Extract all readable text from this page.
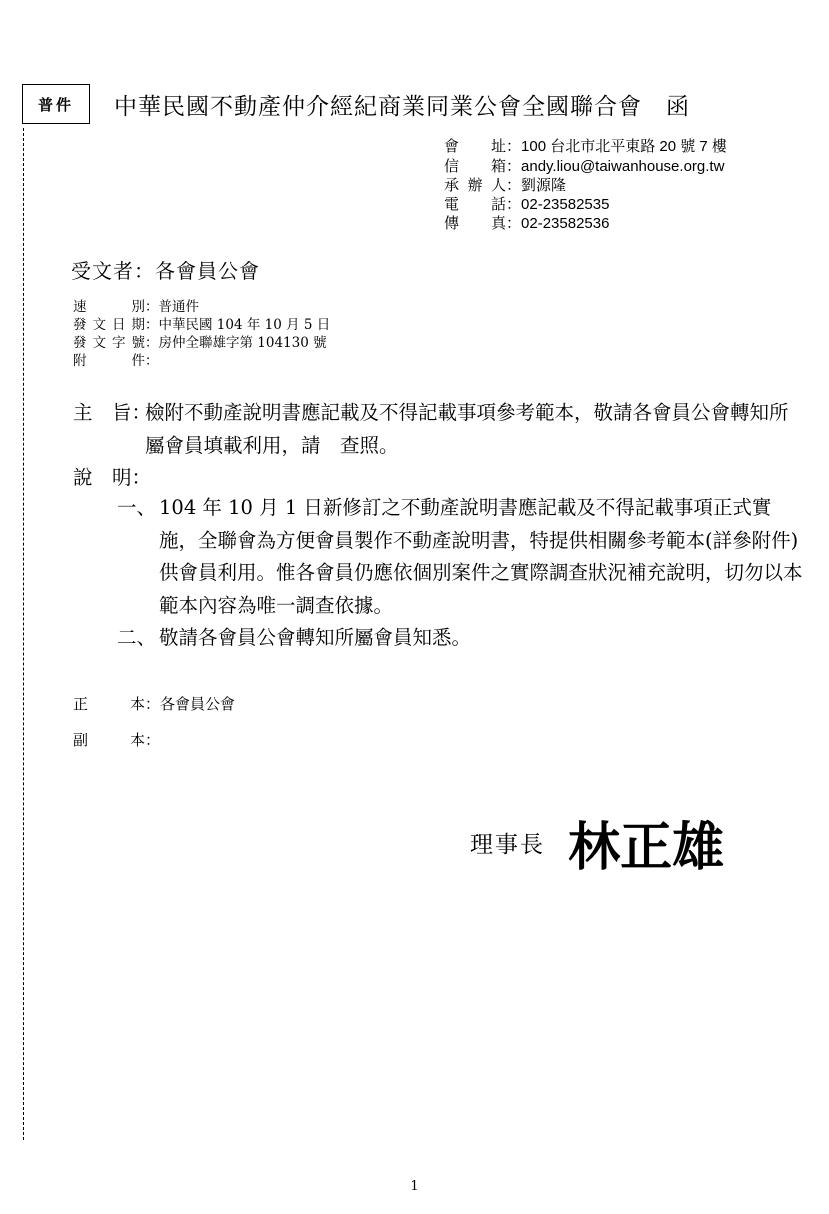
普件 中華民國不動產仲介經紀商業同業公會全國聯合會　函
會　址：100 台北市北平東路 20 號 7 樓
信　箱：andy.liou@taiwanhouse.org.tw
承辦人：劉源隆
電　話：02-23582535
傳　真：02-23582536
受文者：各會員公會
速　別：普通件
發文日期：中華民國 104 年 10 月 5 日
發文字號：房仲全聯雄字第 104130 號
附　件：
主　旨：
檢附不動產說明書應記載及不得記載事項參考範本，敬請各會員公會轉知所屬會員填載利用，請　查照。
說　明：
一、 104 年 10 月 1 日新修訂之不動產說明書應記載及不得記載事項正式實施，全聯會為方便會員製作不動產說明書，特提供相關參考範本(詳參附件)供會員利用。惟各會員仍應依個別案件之實際調查狀況補充說明，切勿以本範本內容為唯一調查依據。
二、 敬請各會員公會轉知所屬會員知悉。
正　本：各會員公會
副　本：
理事長 林正雄
1
